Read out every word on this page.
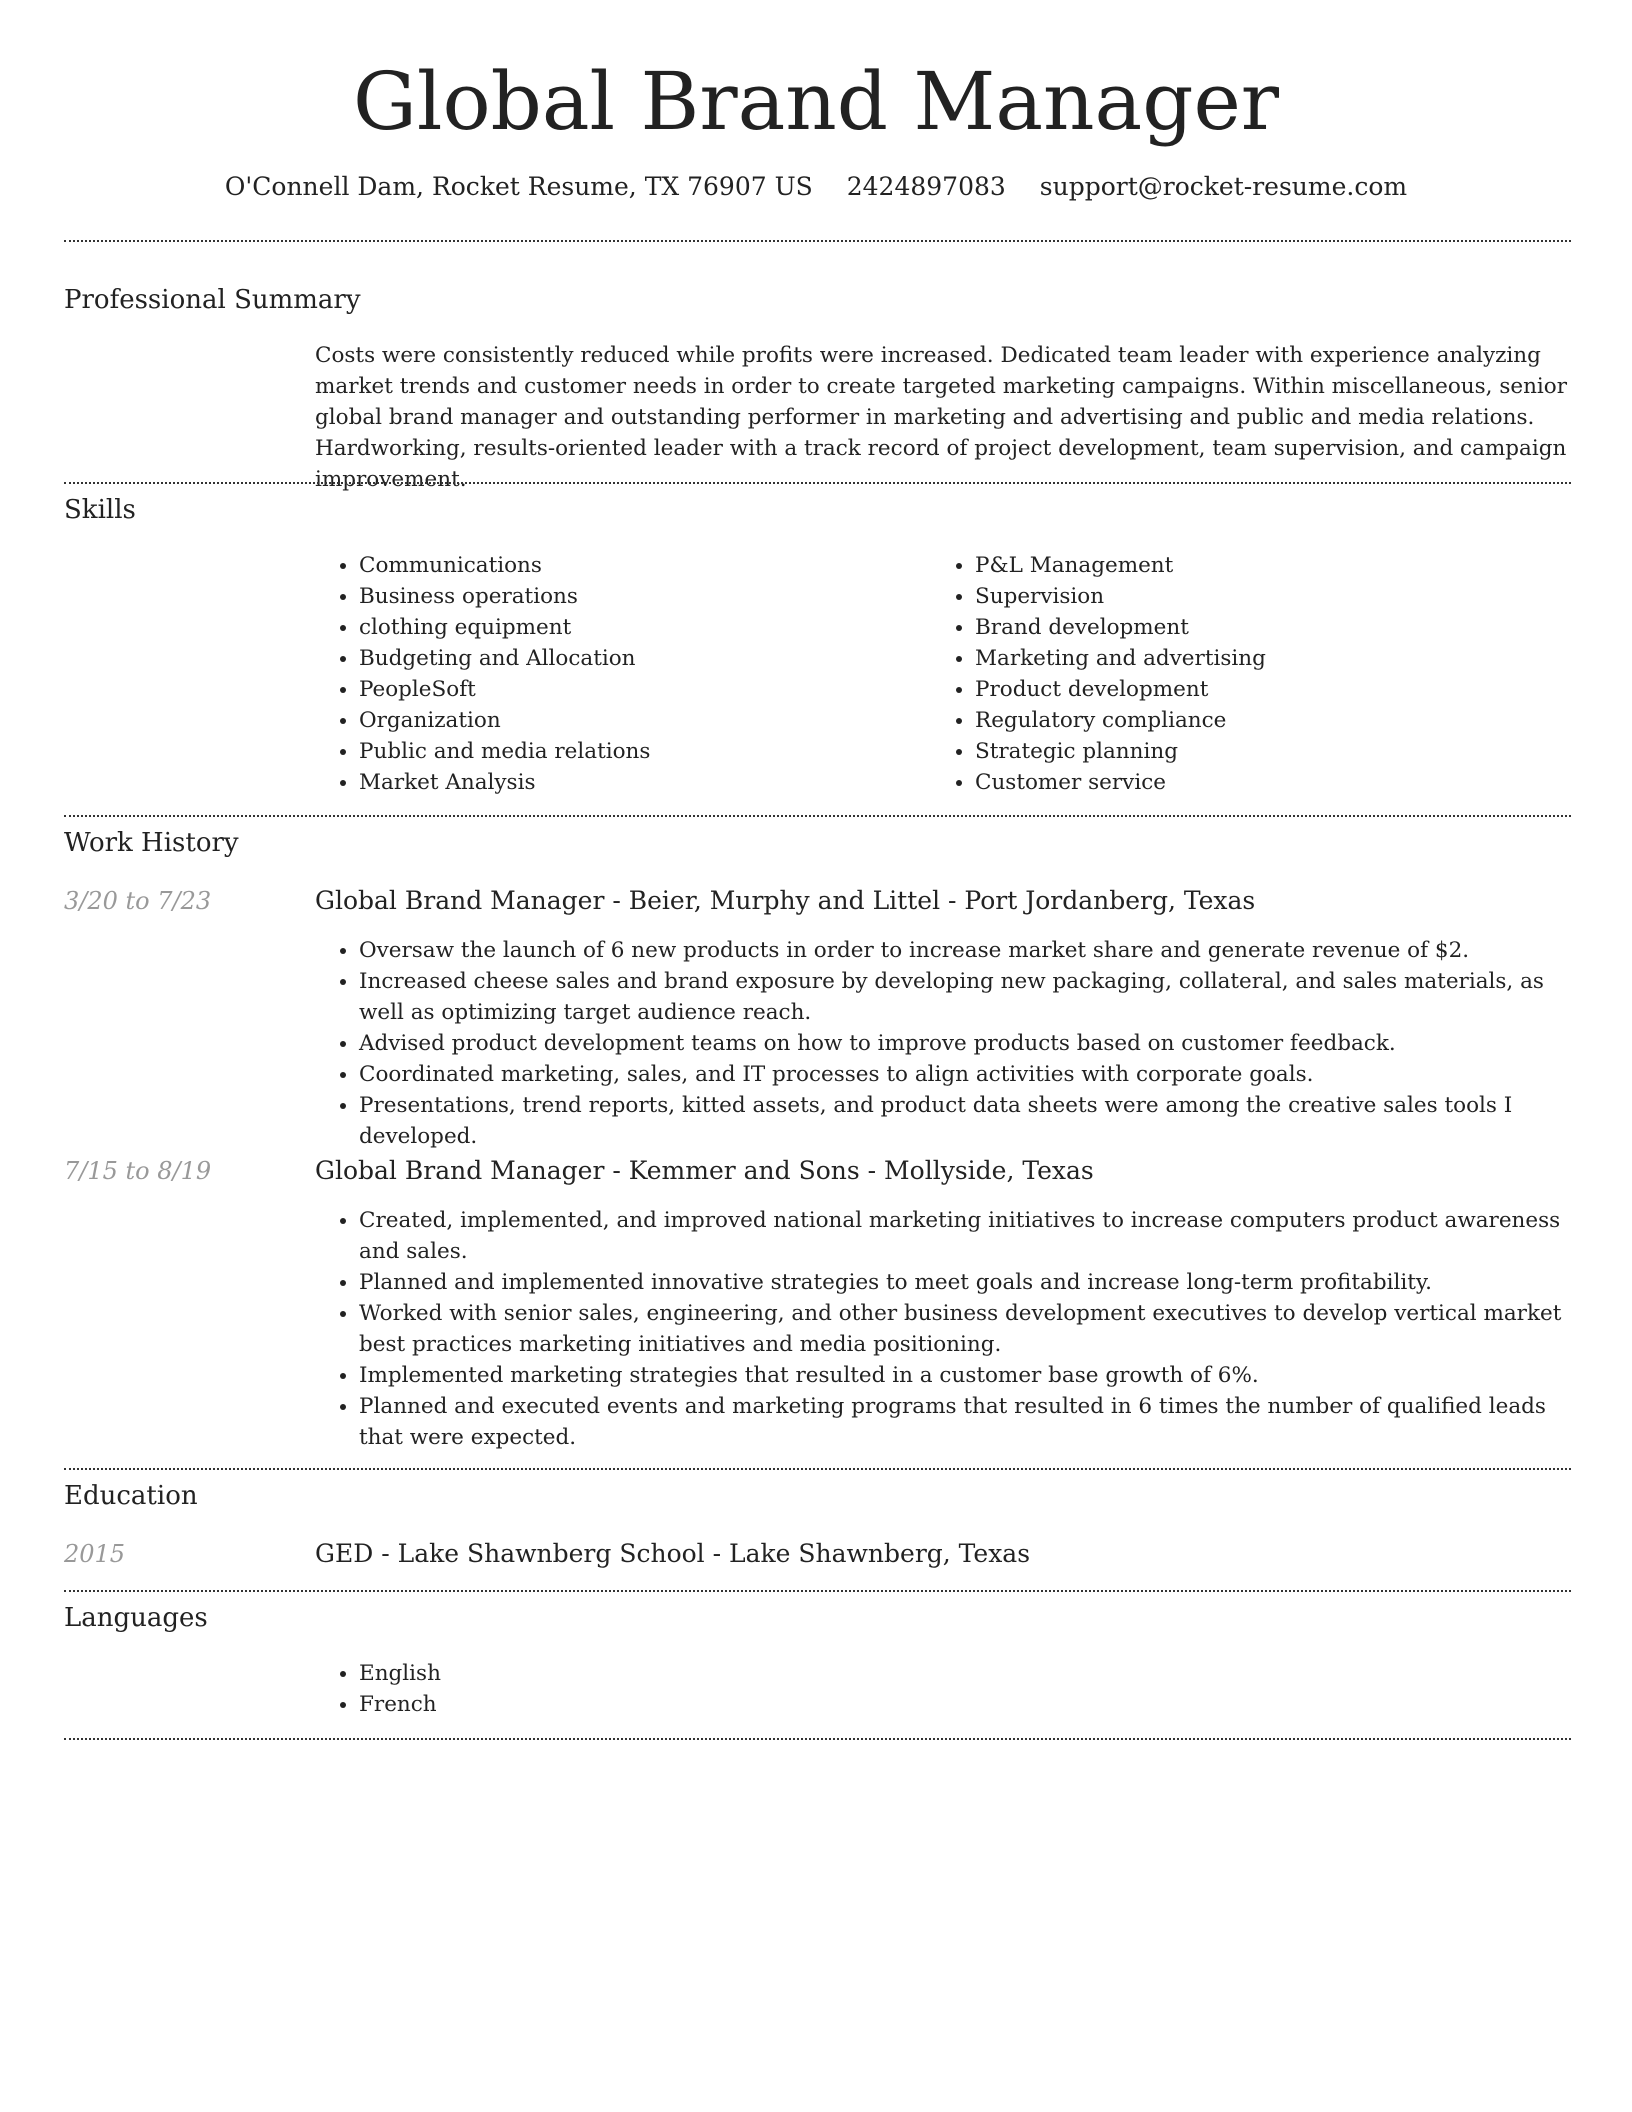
Global Brand Manager
O'Connell Dam, Rocket Resume, TX 76907 US 2424897083 support@rocket-resume.com
Professional Summary

Costs were consistently reduced while profits were increased. Dedicated team leader with experience analyzing market trends and customer needs in order to create targeted marketing campaigns. Within miscellaneous, senior global brand manager and outstanding performer in marketing and advertising and public and media relations. Hardworking, results-oriented leader with a track record of project development, team supervision, and campaign improvement.

Skills
• Communications
• Business operations
• clothing equipment
• Budgeting and Allocation
• PeopleSoft
• Organization
• Public and media relations
• Market Analysis
• P&L Management
• Supervision
• Brand development
• Marketing and advertising
• Product development
• Regulatory compliance
• Strategic planning
• Customer service
Work History
3/20 to 7/23	Global Brand Manager - Beier, Murphy and Littel - Port Jordanberg, Texas
• Oversaw the launch of 6 new products in order to increase market share and generate revenue of $2.
• Increased cheese sales and brand exposure by developing new packaging, collateral, and sales materials, as well as optimizing target audience reach.
• Advised product development teams on how to improve products based on customer feedback.
• Coordinated marketing, sales, and IT processes to align activities with corporate goals.
• Presentations, trend reports, kitted assets, and product data sheets were among the creative sales tools I developed.
7/15 to 8/19	Global Brand Manager - Kemmer and Sons - Mollyside, Texas
• Created, implemented, and improved national marketing initiatives to increase computers product awareness and sales.
• Planned and implemented innovative strategies to meet goals and increase long-term profitability.
• Worked with senior sales, engineering, and other business development executives to develop vertical market best practices marketing initiatives and media positioning.
• Implemented marketing strategies that resulted in a customer base growth of 6%.
• Planned and executed events and marketing programs that resulted in 6 times the number of qualified leads that were expected.
Education
2015	GED - Lake Shawnberg School - Lake Shawnberg, Texas
Languages
• English
• French
